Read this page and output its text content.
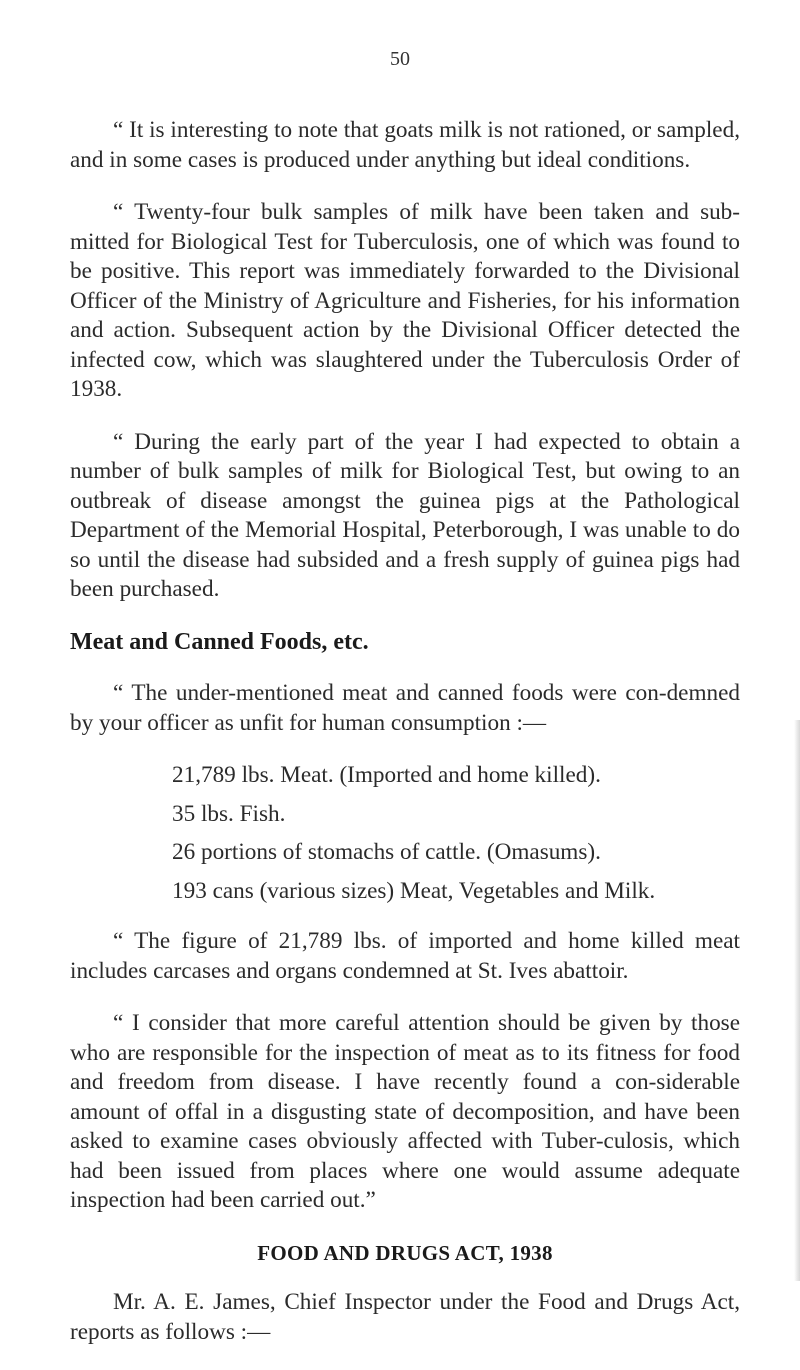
50

“ It is interesting to note that goats milk is not rationed, or sampled, and in some cases is produced under anything but ideal conditions.

“ Twenty-four bulk samples of milk have been taken and sub-mitted for Biological Test for Tuberculosis, one of which was found to be positive. This report was immediately forwarded to the Divisional Officer of the Ministry of Agriculture and Fisheries, for his information and action. Subsequent action by the Divisional Officer detected the infected cow, which was slaughtered under the Tuberculosis Order of 1938.

“ During the early part of the year I had expected to obtain a number of bulk samples of milk for Biological Test, but owing to an outbreak of disease amongst the guinea pigs at the Pathological Department of the Memorial Hospital, Peterborough, I was unable to do so until the disease had subsided and a fresh supply of guinea pigs had been purchased.

Meat and Canned Foods, etc.

“ The under-mentioned meat and canned foods were con-demned by your officer as unfit for human consumption :—

21,789 lbs. Meat. (Imported and home killed).
35 lbs. Fish.
26 portions of stomachs of cattle. (Omasums).
193 cans (various sizes) Meat, Vegetables and Milk.

“ The figure of 21,789 lbs. of imported and home killed meat includes carcases and organs condemned at St. Ives abattoir.

“ I consider that more careful attention should be given by those who are responsible for the inspection of meat as to its fitness for food and freedom from disease. I have recently found a con-siderable amount of offal in a disgusting state of decomposition, and have been asked to examine cases obviously affected with Tuber-culosis, which had been issued from places where one would assume adequate inspection had been carried out.”

FOOD AND DRUGS ACT, 1938

Mr. A. E. James, Chief Inspector under the Food and Drugs Act, reports as follows :—
